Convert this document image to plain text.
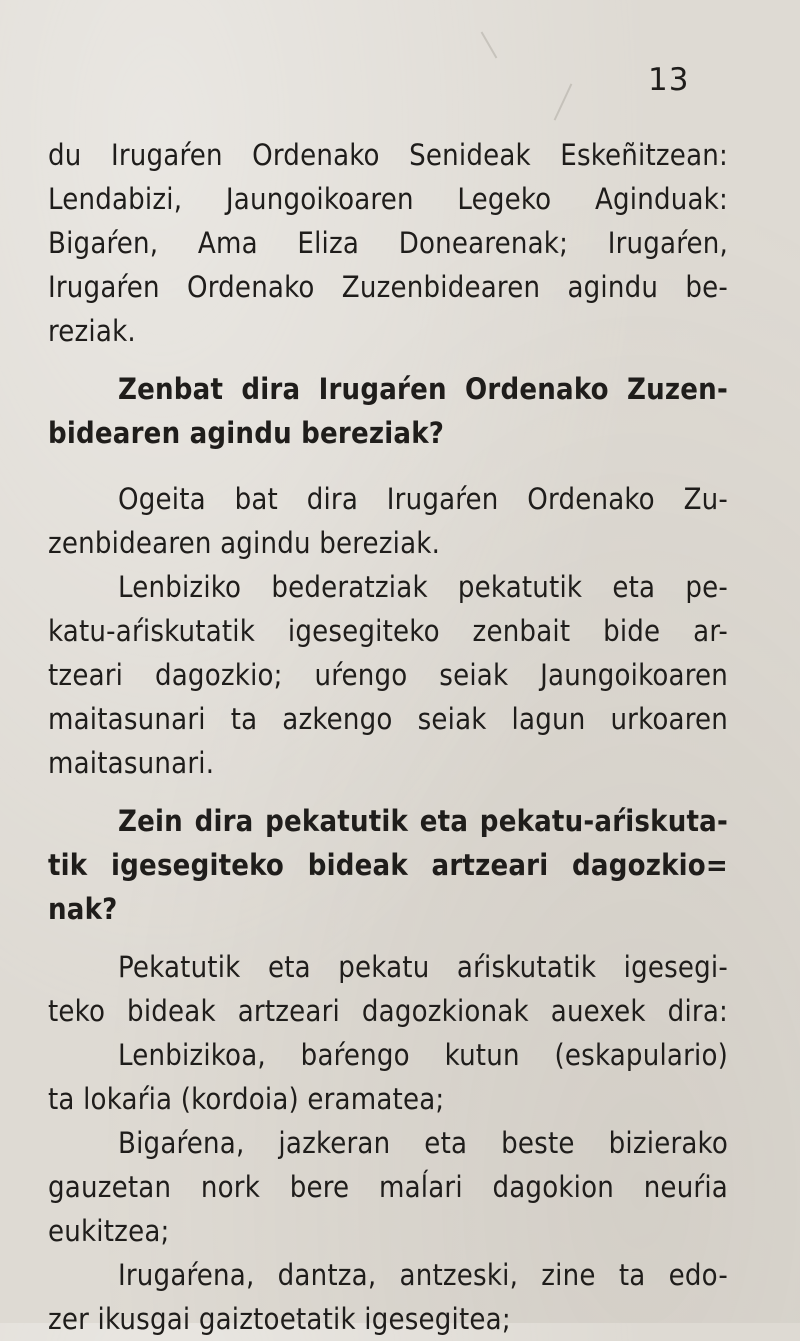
13
du Irugaŕen Ordenako Senideak Eskeñitzean:
Lendabizi, Jaungoikoaren Legeko Aginduak:
Bigaŕen, Ama Eliza Donearenak; Irugaŕen,
Irugaŕen Ordenako Zuzenbidearen agindu be-
reziak.
Zenbat dira Irugaŕen Ordenako Zuzen-
bidearen agindu bereziak?
Ogeita bat dira Irugaŕen Ordenako Zu-
zenbidearen agindu bereziak.
Lenbiziko bederatziak pekatutik eta pe-
katu-aŕiskutatik igesegiteko zenbait bide ar-
tzeari dagozkio; uŕengo seiak Jaungoikoaren
maitasunari ta azkengo seiak lagun urkoaren
maitasunari.
Zein dira pekatutik eta pekatu-aŕiskuta-
tik igesegiteko bideak artzeari dagozkio=
nak?
Pekatutik eta pekatu aŕiskutatik igesegi-
teko bideak artzeari dagozkionak auexek dira:
Lenbizikoa, baŕengo kutun (eskapulario)
ta lokaŕia (kordoia) eramatea;
Bigaŕena, jazkeran eta beste bizierako
gauzetan nork bere maĺari dagokion neuŕia
eukitzea;
Irugaŕena, dantza, antzeski, zine ta edo-
zer ikusgai gaiztoetatik igesegitea;
